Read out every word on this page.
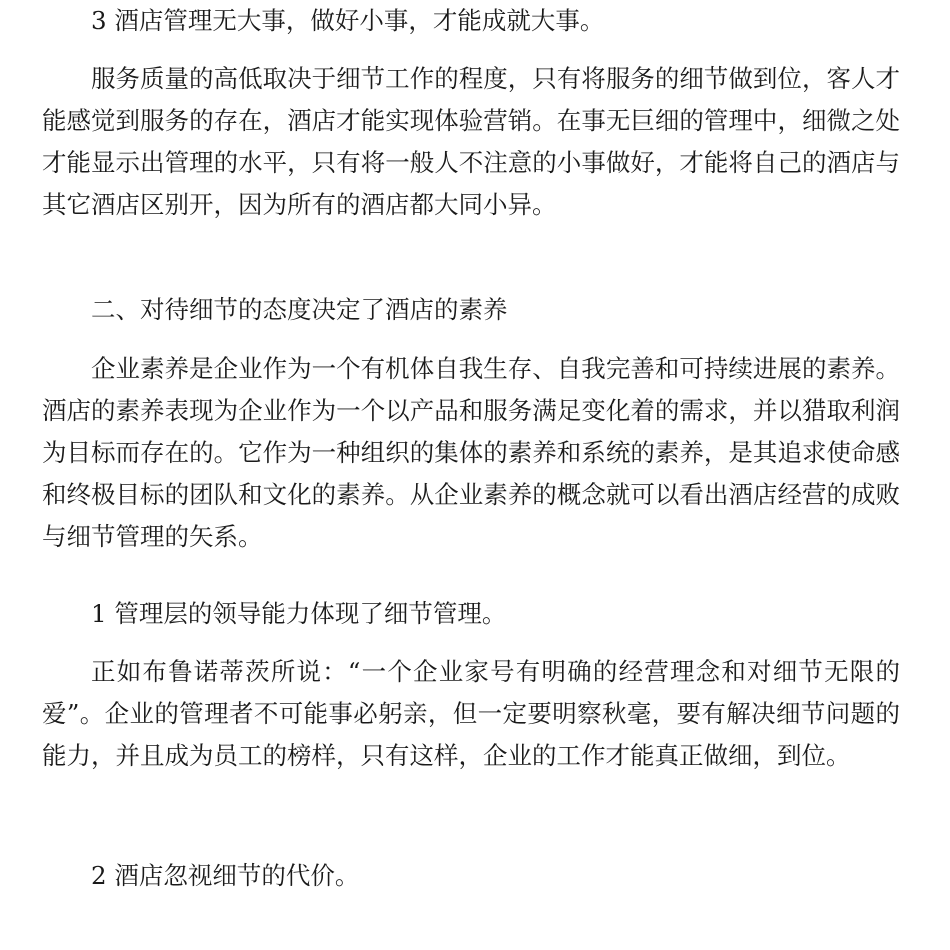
3 酒店管理无大事，做好小事，才能成就大事。

服务质量的高低取决于细节工作的程度，只有将服务的细节做到位，客人才能感觉到服务的存在，酒店才能实现体验营销。在事无巨细的管理中，细微之处才能显示出管理的水平，只有将一般人不注意的小事做好，才能将自己的酒店与其它酒店区别开，因为所有的酒店都大同小异。

二、对待细节的态度决定了酒店的素养

企业素养是企业作为一个有机体自我生存、自我完善和可持续进展的素养。酒店的素养表现为企业作为一个以产品和服务满足变化着的需求，并以猎取利润为目标而存在的。它作为一种组织的集体的素养和系统的素养，是其追求使命感和终极目标的团队和文化的素养。从企业素养的概念就可以看出酒店经营的成败与细节管理的矢系。

1 管理层的领导能力体现了细节管理。

正如布鲁诺蒂茨所说：“一个企业家号有明确的经营理念和对细节无限的爱”。企业的管理者不可能事必躬亲，但一定要明察秋毫，要有解决细节问题的能力，并且成为员工的榜样，只有这样，企业的工作才能真正做细，到位。

2 酒店忽视细节的代价。
